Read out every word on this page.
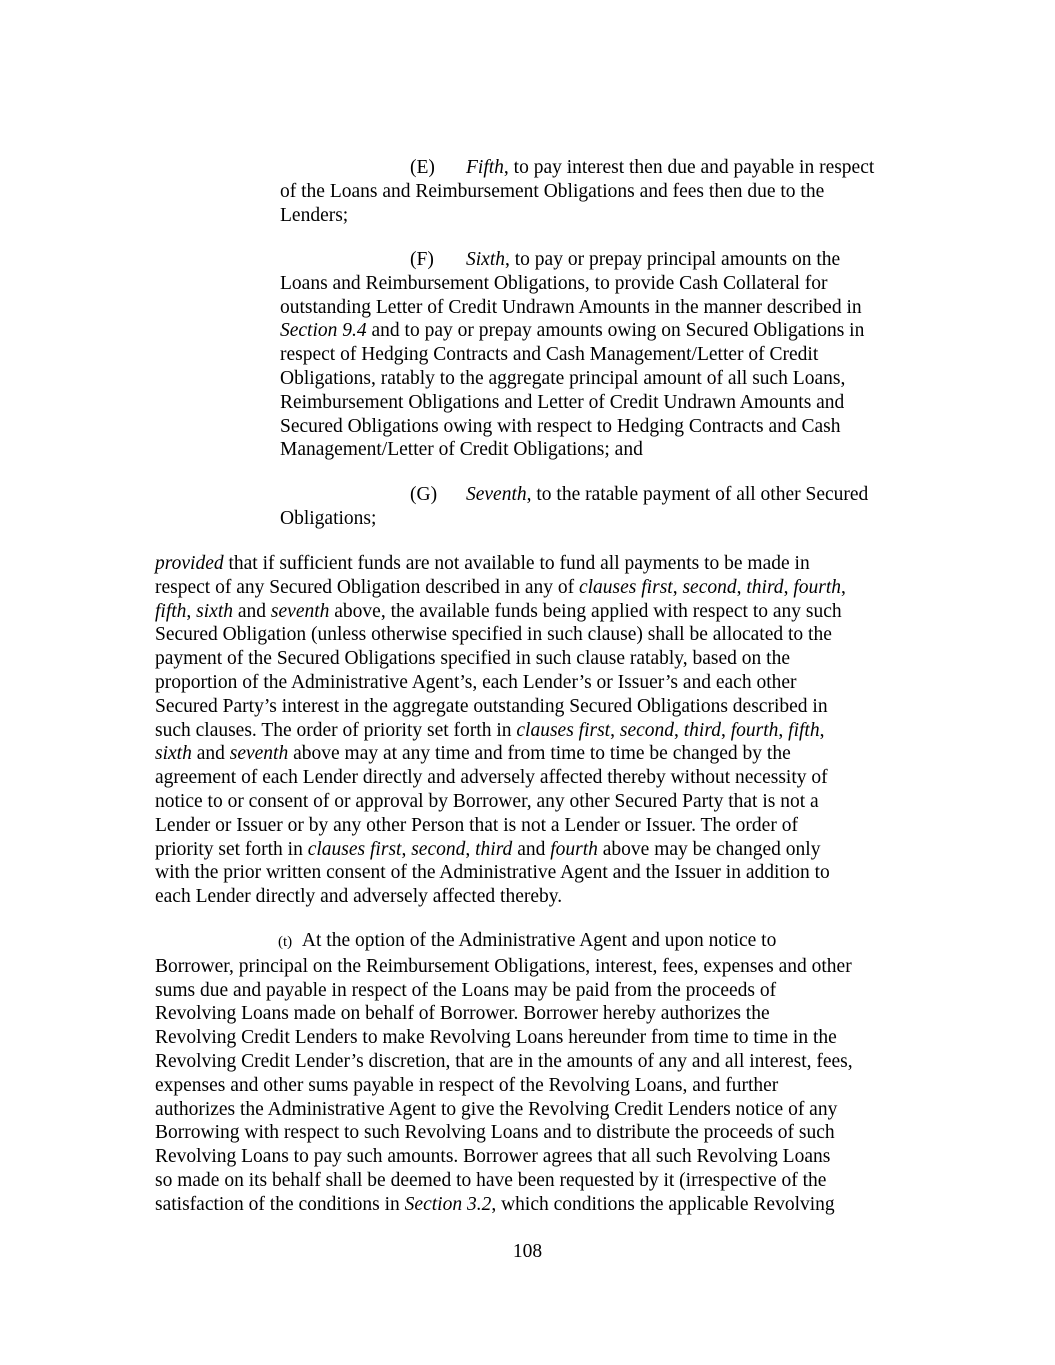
(E) Fifth, to pay interest then due and payable in respect
of the Loans and Reimbursement Obligations and fees then due to the
Lenders;
(F) Sixth, to pay or prepay principal amounts on the
Loans and Reimbursement Obligations, to provide Cash Collateral for
outstanding Letter of Credit Undrawn Amounts in the manner described in
Section 9.4 and to pay or prepay amounts owing on Secured Obligations in
respect of Hedging Contracts and Cash Management/Letter of Credit
Obligations, ratably to the aggregate principal amount of all such Loans,
Reimbursement Obligations and Letter of Credit Undrawn Amounts and
Secured Obligations owing with respect to Hedging Contracts and Cash
Management/Letter of Credit Obligations; and
(G) Seventh, to the ratable payment of all other Secured
Obligations;
provided that if sufficient funds are not available to fund all payments to be made in
respect of any Secured Obligation described in any of clauses first, second, third, fourth,
fifth, sixth and seventh above, the available funds being applied with respect to any such
Secured Obligation (unless otherwise specified in such clause) shall be allocated to the
payment of the Secured Obligations specified in such clause ratably, based on the
proportion of the Administrative Agent’s, each Lender’s or Issuer’s and each other
Secured Party’s interest in the aggregate outstanding Secured Obligations described in
such clauses. The order of priority set forth in clauses first, second, third, fourth, fifth,
sixth and seventh above may at any time and from time to time be changed by the
agreement of each Lender directly and adversely affected thereby without necessity of
notice to or consent of or approval by Borrower, any other Secured Party that is not a
Lender or Issuer or by any other Person that is not a Lender or Issuer. The order of
priority set forth in clauses first, second, third and fourth above may be changed only
with the prior written consent of the Administrative Agent and the Issuer in addition to
each Lender directly and adversely affected thereby.
(t) At the option of the Administrative Agent and upon notice to
Borrower, principal on the Reimbursement Obligations, interest, fees, expenses and other
sums due and payable in respect of the Loans may be paid from the proceeds of
Revolving Loans made on behalf of Borrower. Borrower hereby authorizes the
Revolving Credit Lenders to make Revolving Loans hereunder from time to time in the
Revolving Credit Lender’s discretion, that are in the amounts of any and all interest, fees,
expenses and other sums payable in respect of the Revolving Loans, and further
authorizes the Administrative Agent to give the Revolving Credit Lenders notice of any
Borrowing with respect to such Revolving Loans and to distribute the proceeds of such
Revolving Loans to pay such amounts. Borrower agrees that all such Revolving Loans
so made on its behalf shall be deemed to have been requested by it (irrespective of the
satisfaction of the conditions in Section 3.2, which conditions the applicable Revolving
108
